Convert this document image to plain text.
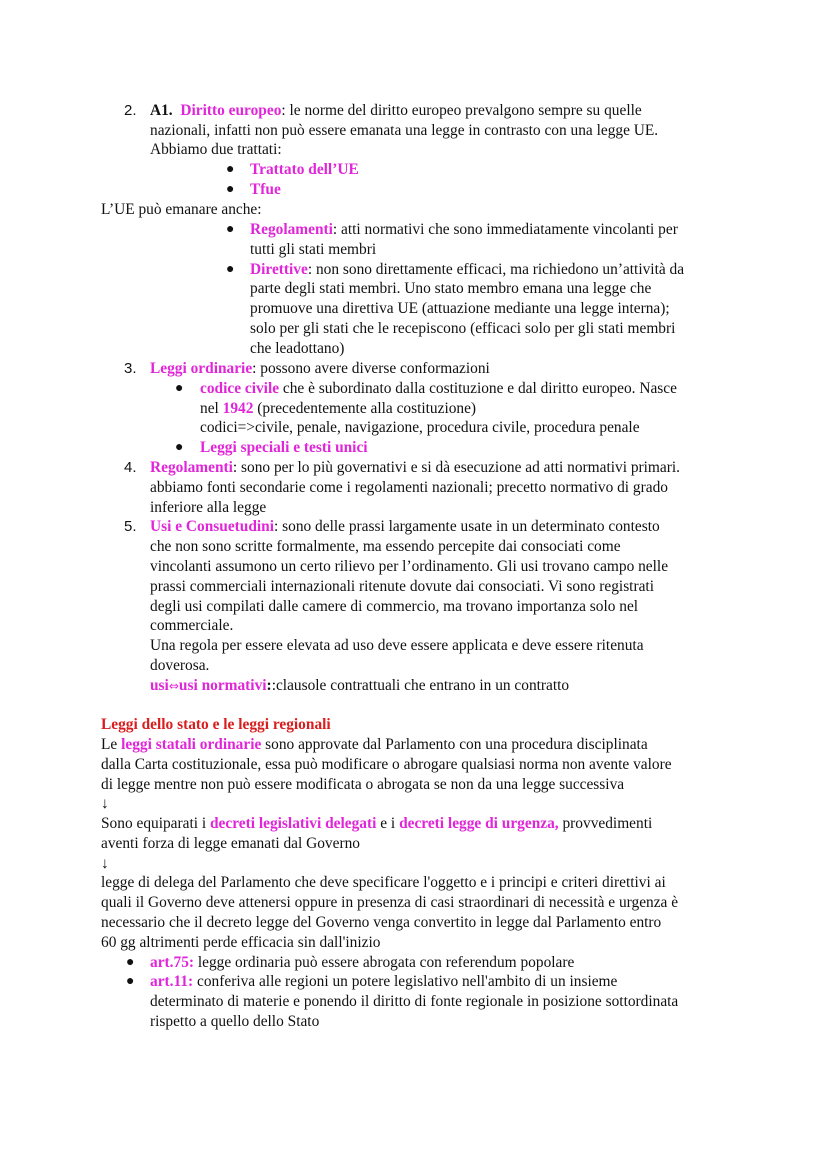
2. A1. Diritto europeo: le norme del diritto europeo prevalgono sempre su quelle
nazionali, infatti non può essere emanata una legge in contrasto con una legge UE.
Abbiamo due trattati:
● Trattato dell’UE
● Tfue
L’UE può emanare anche:
● Regolamenti: atti normativi che sono immediatamente vincolanti per
tutti gli stati membri
● Direttive: non sono direttamente efficaci, ma richiedono un’attività da
parte degli stati membri. Uno stato membro emana una legge che
promuove una direttiva UE (attuazione mediante una legge interna);
solo per gli stati che le recepiscono (efficaci solo per gli stati membri
che leadottano)
3. Leggi ordinarie: possono avere diverse conformazioni
● codice civile che è subordinato dalla costituzione e dal diritto europeo. Nasce
nel 1942 (precedentemente alla costituzione)
codici=>civile, penale, navigazione, procedura civile, procedura penale
● Leggi speciali e testi unici
4. Regolamenti: sono per lo più governativi e si dà esecuzione ad atti normativi primari.
abbiamo fonti secondarie come i regolamenti nazionali; precetto normativo di grado
inferiore alla legge
5. Usi e Consuetudini: sono delle prassi largamente usate in un determinato contesto
che non sono scritte formalmente, ma essendo percepite dai consociati come
vincolanti assumono un certo rilievo per l’ordinamento. Gli usi trovano campo nelle
prassi commerciali internazionali ritenute dovute dai consociati. Vi sono registrati
degli usi compilati dalle camere di commercio, ma trovano importanza solo nel
commerciale.
Una regola per essere elevata ad uso deve essere applicata e deve essere ritenuta
doverosa.
usi⇔usi normativi::clausole contrattuali che entrano in un contratto
Leggi dello stato e le leggi regionali
Le leggi statali ordinarie sono approvate dal Parlamento con una procedura disciplinata
dalla Carta costituzionale, essa può modificare o abrogare qualsiasi norma non avente valore
di legge mentre non può essere modificata o abrogata se non da una legge successiva
↓
Sono equiparati i decreti legislativi delegati e i decreti legge di urgenza, provvedimenti
aventi forza di legge emanati dal Governo
↓
legge di delega del Parlamento che deve specificare l'oggetto e i principi e criteri direttivi ai
quali il Governo deve attenersi oppure in presenza di casi straordinari di necessità e urgenza è
necessario che il decreto legge del Governo venga convertito in legge dal Parlamento entro
60 gg altrimenti perde efficacia sin dall'inizio
● art.75: legge ordinaria può essere abrogata con referendum popolare
● art.11: conferiva alle regioni un potere legislativo nell'ambito di un insieme
determinato di materie e ponendo il diritto di fonte regionale in posizione sottordinata
rispetto a quello dello Stato
